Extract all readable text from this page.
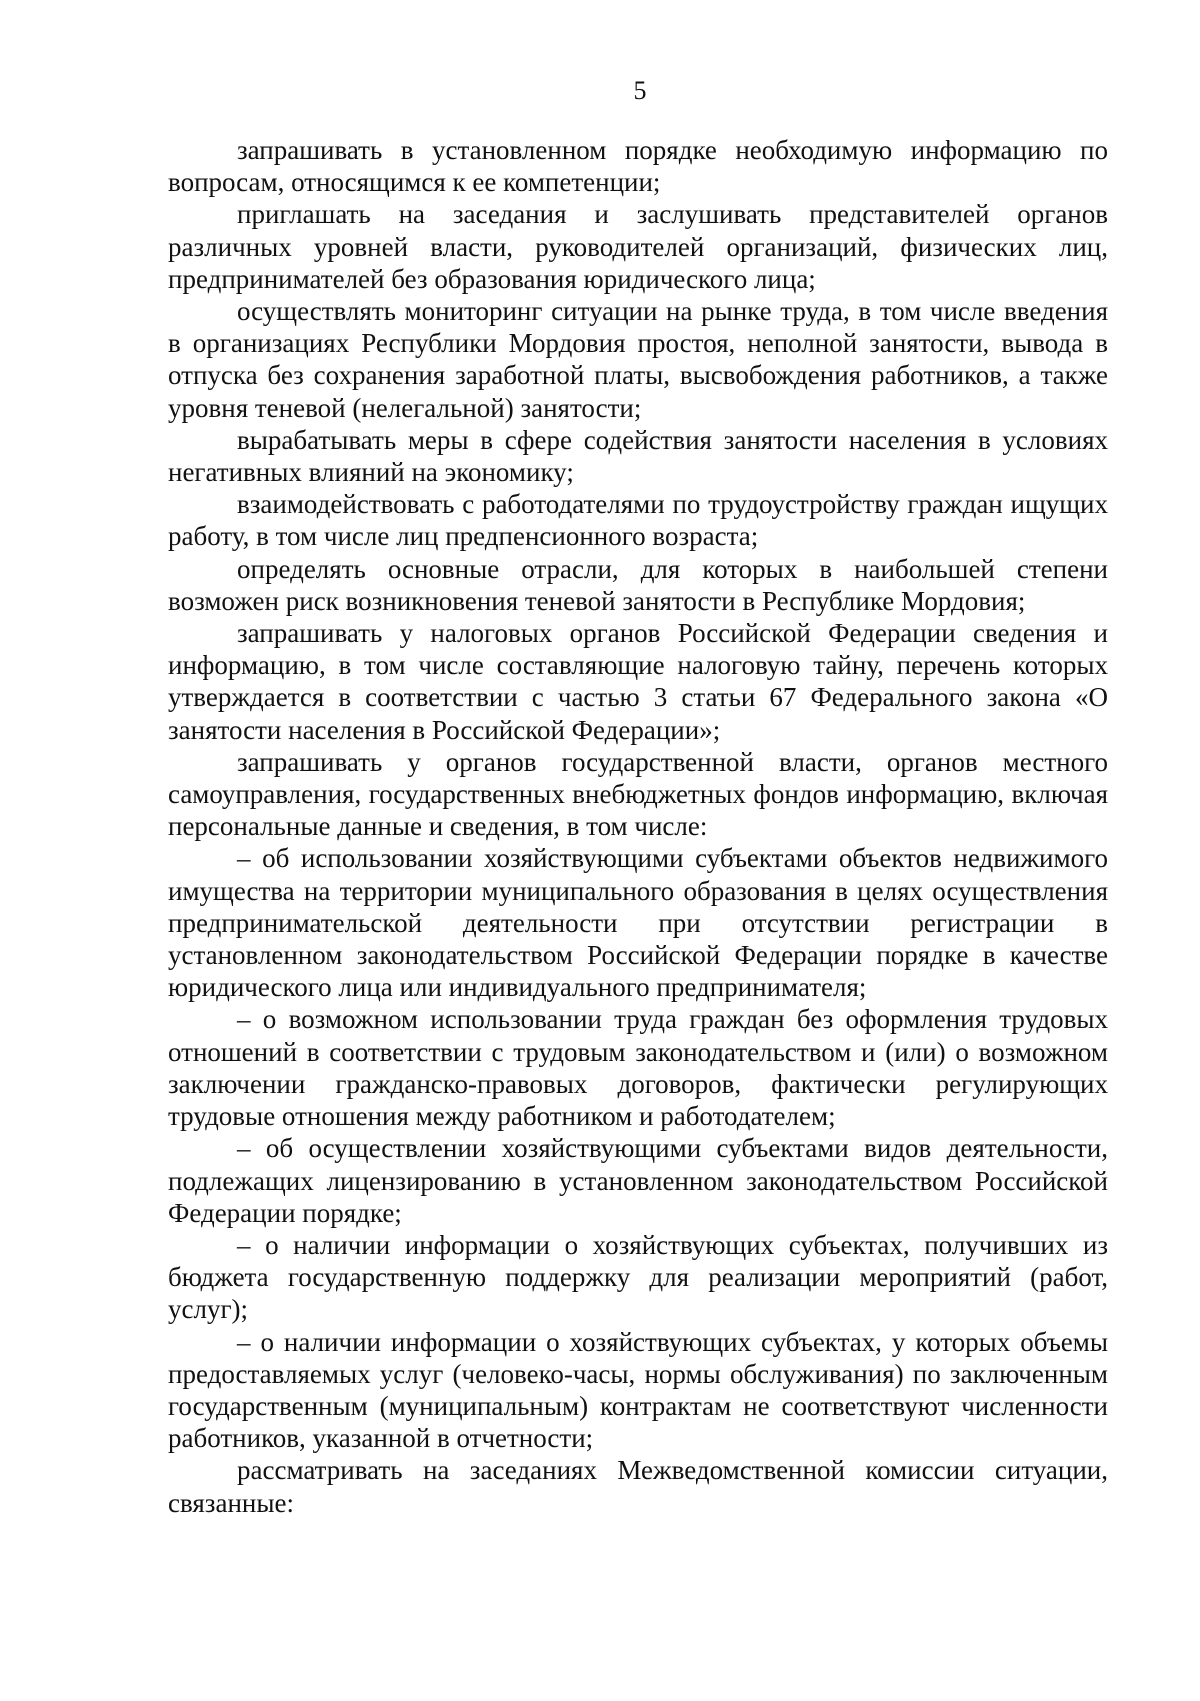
5

запрашивать в установленном порядке необходимую информацию по вопросам, относящимся к ее компетенции;

приглашать на заседания и заслушивать представителей органов различных уровней власти, руководителей организаций, физических лиц, предпринимателей без образования юридического лица;

осуществлять мониторинг ситуации на рынке труда, в том числе введения в организациях Республики Мордовия простоя, неполной занятости, вывода в отпуска без сохранения заработной платы, высвобождения работников, а также уровня теневой (нелегальной) занятости;

вырабатывать меры в сфере содействия занятости населения в условиях негативных влияний на экономику;

взаимодействовать с работодателями по трудоустройству граждан ищущих работу, в том числе лиц предпенсионного возраста;

определять основные отрасли, для которых в наибольшей степени возможен риск возникновения теневой занятости в Республике Мордовия;

запрашивать у налоговых органов Российской Федерации сведения и информацию, в том числе составляющие налоговую тайну, перечень которых утверждается в соответствии с частью 3 статьи 67 Федерального закона «О занятости населения в Российской Федерации»;

запрашивать у органов государственной власти, органов местного самоуправления, государственных внебюджетных фондов информацию, включая персональные данные и сведения, в том числе:

– об использовании хозяйствующими субъектами объектов недвижимого имущества на территории муниципального образования в целях осуществления предпринимательской деятельности при отсутствии регистрации в установленном законодательством Российской Федерации порядке в качестве юридического лица или индивидуального предпринимателя;

– о возможном использовании труда граждан без оформления трудовых отношений в соответствии с трудовым законодательством и (или) о возможном заключении гражданско-правовых договоров, фактически регулирующих трудовые отношения между работником и работодателем;

– об осуществлении хозяйствующими субъектами видов деятельности, подлежащих лицензированию в установленном законодательством Российской Федерации порядке;

– о наличии информации о хозяйствующих субъектах, получивших из бюджета государственную поддержку для реализации мероприятий (работ, услуг);

– о наличии информации о хозяйствующих субъектах, у которых объемы предоставляемых услуг (человеко-часы, нормы обслуживания) по заключенным государственным (муниципальным) контрактам не соответствуют численности работников, указанной в отчетности;

рассматривать на заседаниях Межведомственной комиссии ситуации, связанные:
